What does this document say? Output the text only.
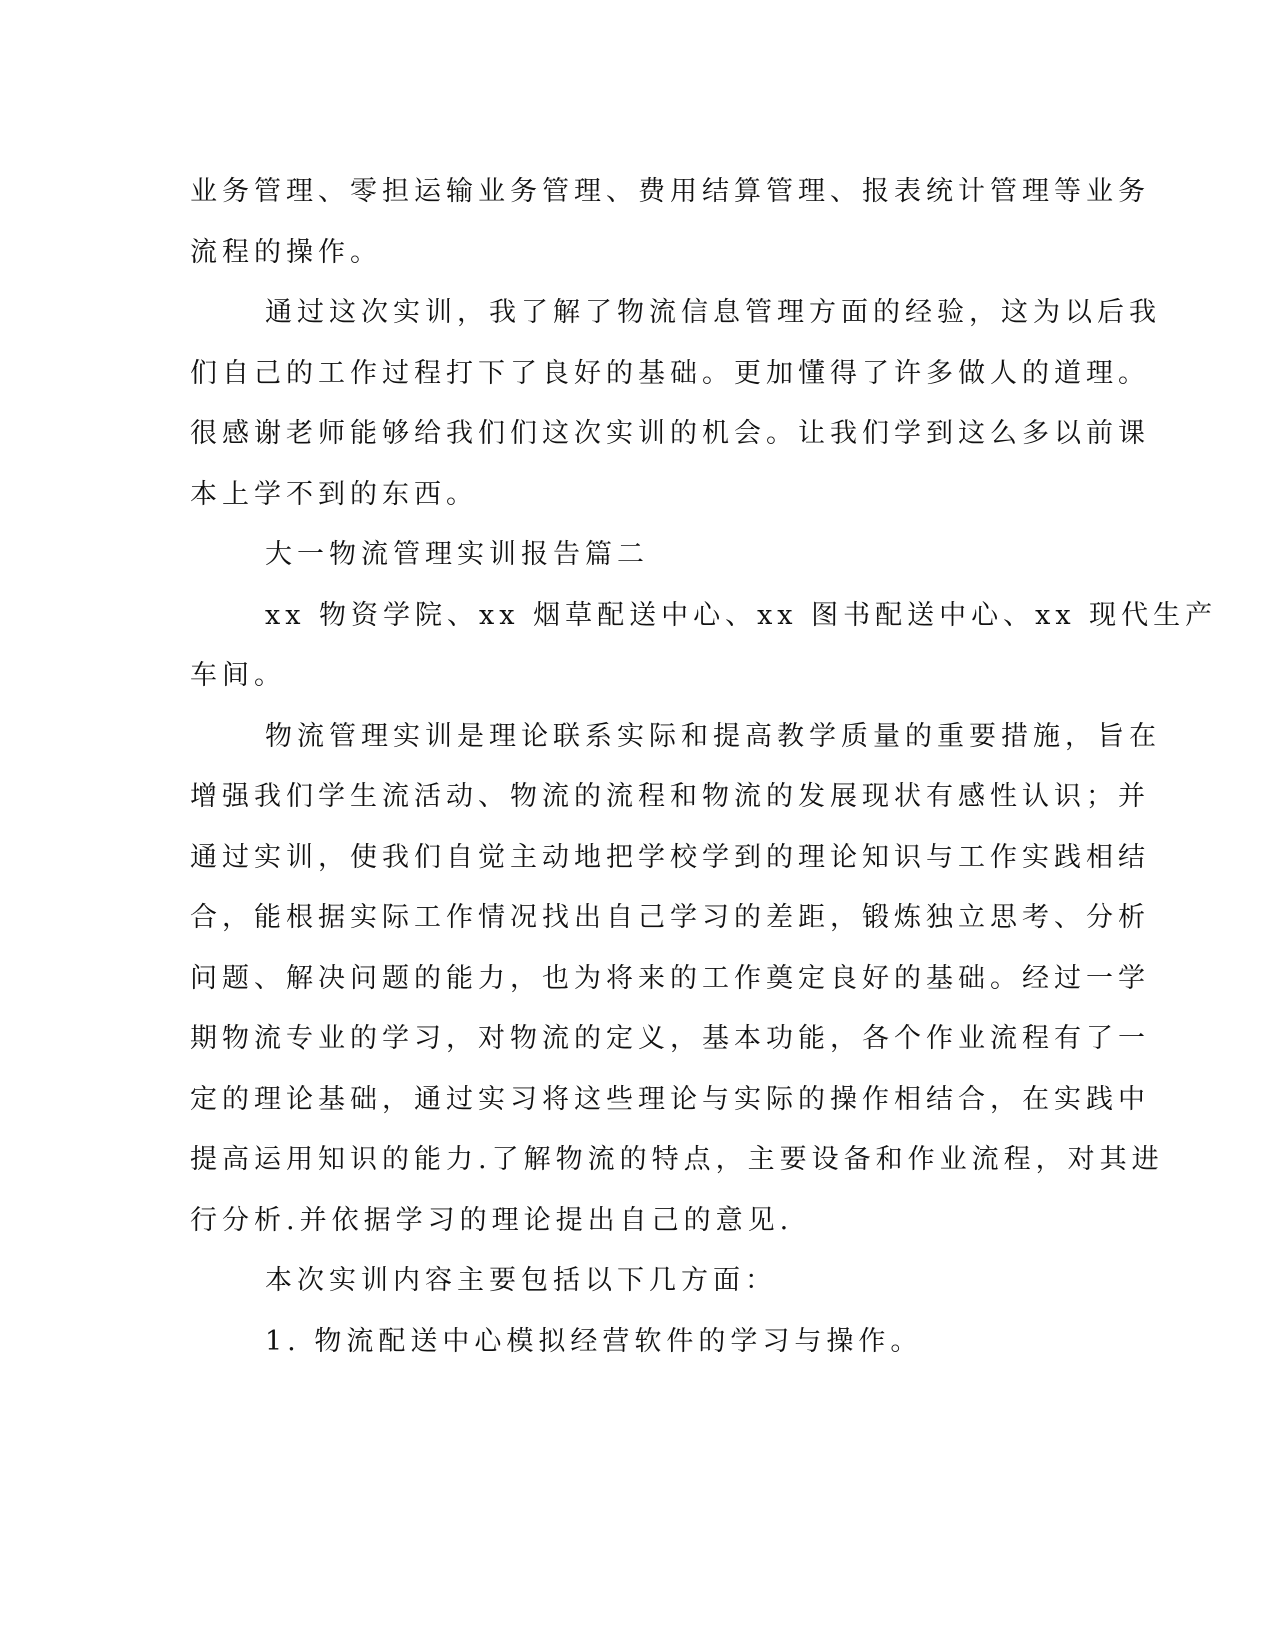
业务管理、零担运输业务管理、费用结算管理、报表统计管理等业务
流程的操作。
通过这次实训，我了解了物流信息管理方面的经验，这为以后我
们自己的工作过程打下了良好的基础。更加懂得了许多做人的道理。
很感谢老师能够给我们们这次实训的机会。让我们学到这么多以前课
本上学不到的东西。
大一物流管理实训报告篇二
xx 物资学院、xx 烟草配送中心、xx 图书配送中心、xx 现代生产
车间。
物流管理实训是理论联系实际和提高教学质量的重要措施，旨在
增强我们学生流活动、物流的流程和物流的发展现状有感性认识；并
通过实训，使我们自觉主动地把学校学到的理论知识与工作实践相结
合，能根据实际工作情况找出自己学习的差距，锻炼独立思考、分析
问题、解决问题的能力，也为将来的工作奠定良好的基础。经过一学
期物流专业的学习，对物流的定义，基本功能，各个作业流程有了一
定的理论基础，通过实习将这些理论与实际的操作相结合，在实践中
提高运用知识的能力.了解物流的特点，主要设备和作业流程，对其进
行分析.并依据学习的理论提出自己的意见.
本次实训内容主要包括以下几方面：
1. 物流配送中心模拟经营软件的学习与操作。
